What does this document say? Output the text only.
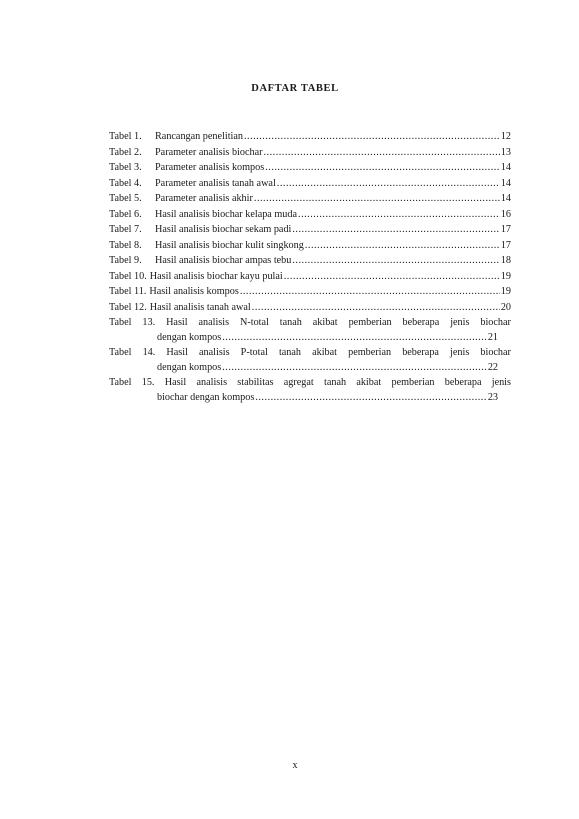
DAFTAR TABEL
Tabel 1.	Rancangan penelitian .....	12
Tabel 2.	Parameter analisis biochar .....	13
Tabel 3.	Parameter analisis kompos .....	14
Tabel 4.	Parameter analisis tanah awal .....	14
Tabel 5.	Parameter analisis akhir .....	14
Tabel 6.	Hasil analisis biochar kelapa muda .....	16
Tabel 7.	Hasil analisis biochar sekam padi .....	17
Tabel 8.	Hasil analisis biochar kulit singkong .....	17
Tabel 9.	Hasil analisis biochar ampas tebu .....	18
Tabel 10. Hasil analisis biochar kayu pulai .....	19
Tabel 11. Hasil analisis kompos .....	19
Tabel 12. Hasil analisis tanah awal .....	20
Tabel 13. Hasil analisis N-total tanah akibat pemberian beberapa jenis biochar
dengan kompos .....	21
Tabel 14. Hasil analisis P-total tanah akibat pemberian beberapa jenis biochar
dengan kompos .....	22
Tabel 15. Hasil analisis stabilitas agregat tanah akibat pemberian beberapa jenis
biochar dengan kompos .....	23
x
